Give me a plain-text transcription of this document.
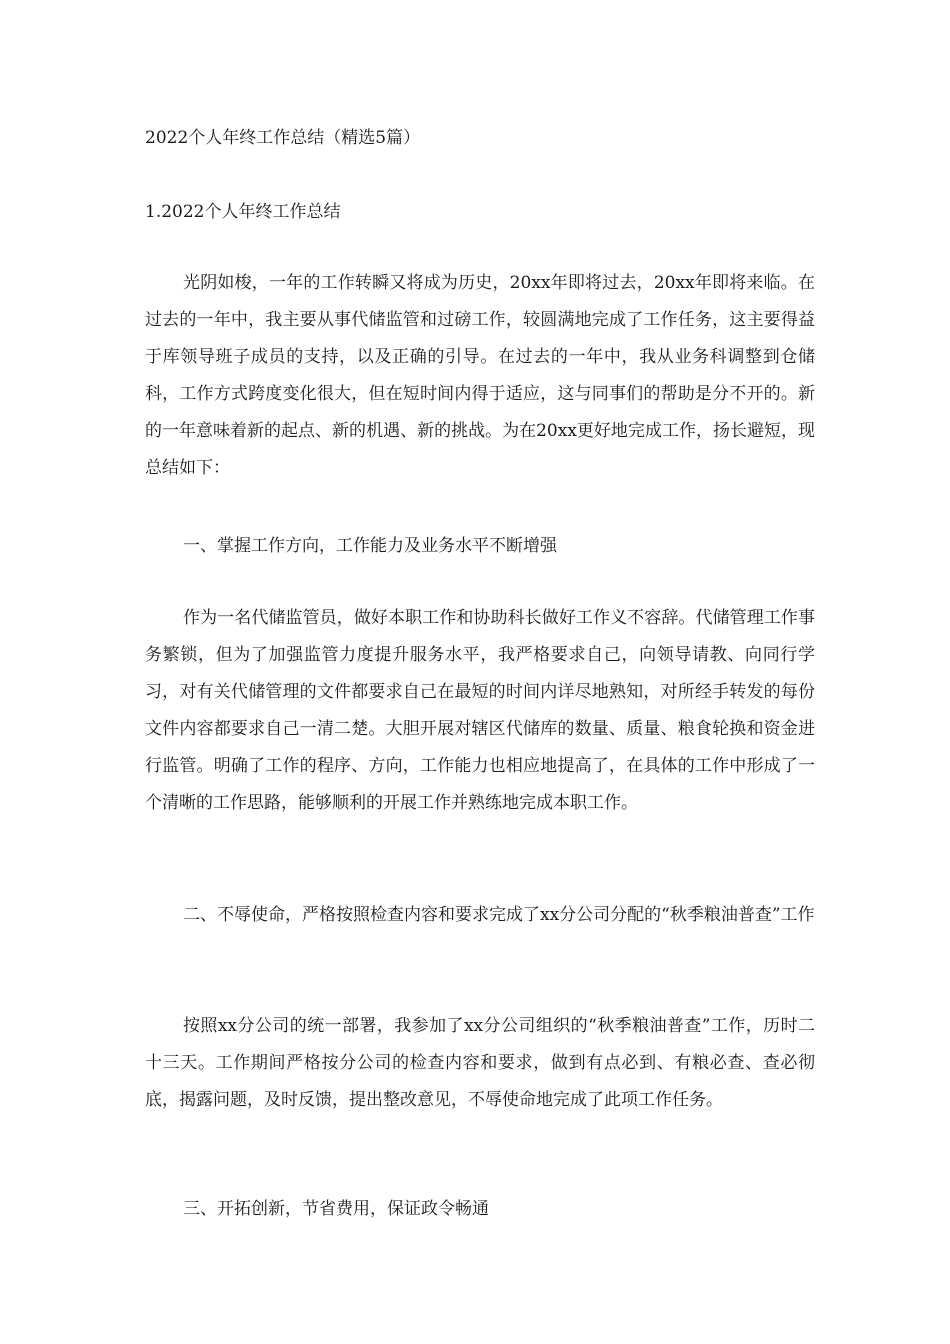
2022个人年终工作总结（精选5篇）
1.2022个人年终工作总结

光阴如梭，一年的工作转瞬又将成为历史，20xx年即将过去，20xx年即将来临。在过去的一年中，我主要从事代储监管和过磅工作，较圆满地完成了工作任务，这主要得益于库领导班子成员的支持，以及正确的引导。在过去的一年中，我从业务科调整到仓储科，工作方式跨度变化很大，但在短时间内得于适应，这与同事们的帮助是分不开的。新的一年意味着新的起点、新的机遇、新的挑战。为在20xx更好地完成工作，扬长避短，现总结如下：

一、掌握工作方向，工作能力及业务水平不断增强

作为一名代储监管员，做好本职工作和协助科长做好工作义不容辞。代储管理工作事务繁锁，但为了加强监管力度提升服务水平，我严格要求自己，向领导请教、向同行学习，对有关代储管理的文件都要求自己在最短的时间内详尽地熟知，对所经手转发的每份文件内容都要求自己一清二楚。大胆开展对辖区代储库的数量、质量、粮食轮换和资金进行监管。明确了工作的程序、方向，工作能力也相应地提高了，在具体的工作中形成了一个清晰的工作思路，能够顺利的开展工作并熟练地完成本职工作。

二、不辱使命，严格按照检查内容和要求完成了xx分公司分配的“秋季粮油普查”工作

按照xx分公司的统一部署，我参加了xx分公司组织的“秋季粮油普查”工作，历时二十三天。工作期间严格按分公司的检查内容和要求，做到有点必到、有粮必查、查必彻底，揭露问题，及时反馈，提出整改意见，不辱使命地完成了此项工作任务。

三、开拓创新，节省费用，保证政令畅通
